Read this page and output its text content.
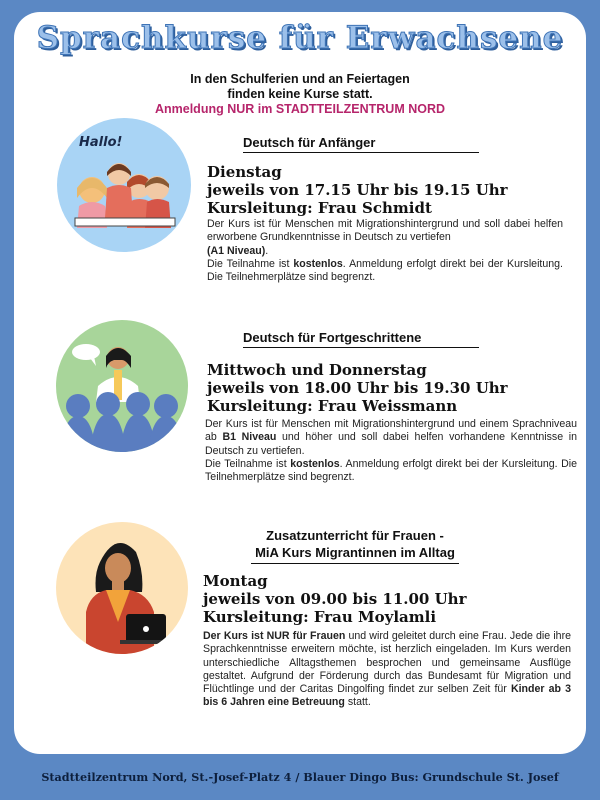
Sprachkurse für Erwachsene
In den Schulferien und an Feiertagen
finden keine Kurse statt.
Anmeldung NUR im STADTTEILZENTRUM NORD
Hallo!	Deutsch für Anfänger
Dienstag
jeweils von 17.15 Uhr bis 19.15 Uhr
Kursleitung: Frau Schmidt
Der Kurs ist für Menschen mit Migrationshintergrund und soll dabei helfen erworbene Grundkenntnisse in Deutsch zu vertiefen
(A1 Niveau).
Die Teilnahme ist kostenlos. Anmeldung erfolgt direkt bei der Kursleitung. Die Teilnehmerplätze sind begrenzt.
Deutsch für Fortgeschrittene
Mittwoch und Donnerstag
jeweils von 18.00 Uhr bis 19.30 Uhr
Kursleitung: Frau Weissmann
Der Kurs ist für Menschen mit Migrationshintergrund und einem Sprachniveau ab B1 Niveau und höher und soll dabei helfen vorhandene Kenntnisse in Deutsch zu vertiefen.
Die Teilnahme ist kostenlos. Anmeldung erfolgt direkt bei der Kursleitung. Die Teilnehmerplätze sind begrenzt.
Zusatzunterricht für Frauen -
MiA Kurs Migrantinnen im Alltag
Montag
jeweils von 09.00 bis 11.00 Uhr
Kursleitung: Frau Moylamli
Der Kurs ist NUR für Frauen und wird geleitet durch eine Frau. Jede die ihre Sprachkenntnisse erweitern möchte, ist herzlich eingeladen. Im Kurs werden unterschiedliche Alltagsthemen besprochen und gemeinsame Ausflüge gestaltet. Aufgrund der Förderung durch das Bundesamt für Migration und Flüchtlinge und der Caritas Dingolfing findet zur selben Zeit für Kinder ab 3 bis 6 Jahren eine Betreuung statt.
Stadtteilzentrum Nord, St.-Josef-Platz 4 / Blauer Dingo Bus: Grundschule St. Josef
